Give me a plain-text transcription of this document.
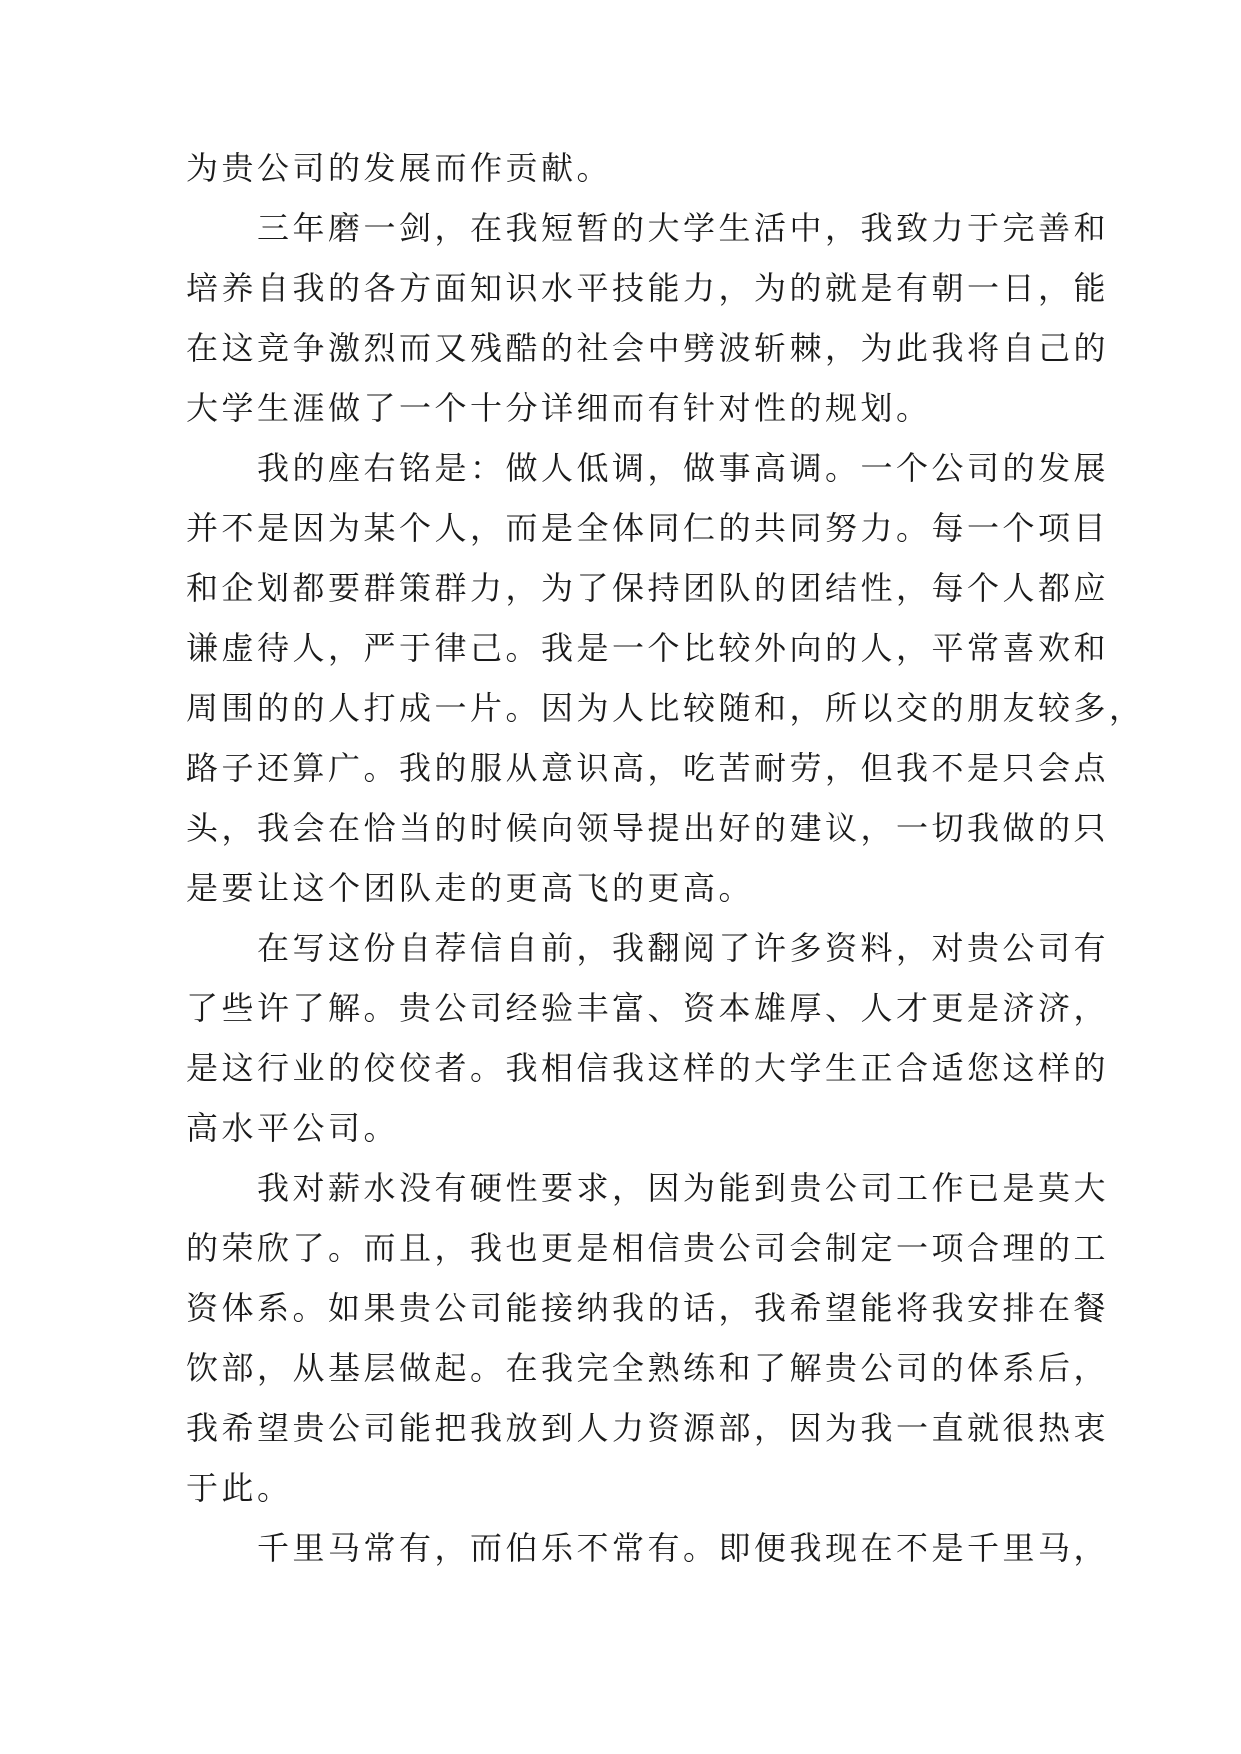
为贵公司的发展而作贡献。
三年磨一剑，在我短暂的大学生活中，我致力于完善和
培养自我的各方面知识水平技能力，为的就是有朝一日，能
在这竞争激烈而又残酷的社会中劈波斩棘，为此我将自己的
大学生涯做了一个十分详细而有针对性的规划。
我的座右铭是：做人低调，做事高调。一个公司的发展
并不是因为某个人，而是全体同仁的共同努力。每一个项目
和企划都要群策群力，为了保持团队的团结性，每个人都应
谦虚待人，严于律己。我是一个比较外向的人，平常喜欢和
周围的的人打成一片。因为人比较随和，所以交的朋友较多，
路子还算广。我的服从意识高，吃苦耐劳，但我不是只会点
头，我会在恰当的时候向领导提出好的建议，一切我做的只
是要让这个团队走的更高飞的更高。
在写这份自荐信自前，我翻阅了许多资料，对贵公司有
了些许了解。贵公司经验丰富、资本雄厚、人才更是济济，
是这行业的佼佼者。我相信我这样的大学生正合适您这样的
高水平公司。
我对薪水没有硬性要求，因为能到贵公司工作已是莫大
的荣欣了。而且，我也更是相信贵公司会制定一项合理的工
资体系。如果贵公司能接纳我的话，我希望能将我安排在餐
饮部，从基层做起。在我完全熟练和了解贵公司的体系后，
我希望贵公司能把我放到人力资源部，因为我一直就很热衷
于此。
千里马常有，而伯乐不常有。即便我现在不是千里马，
